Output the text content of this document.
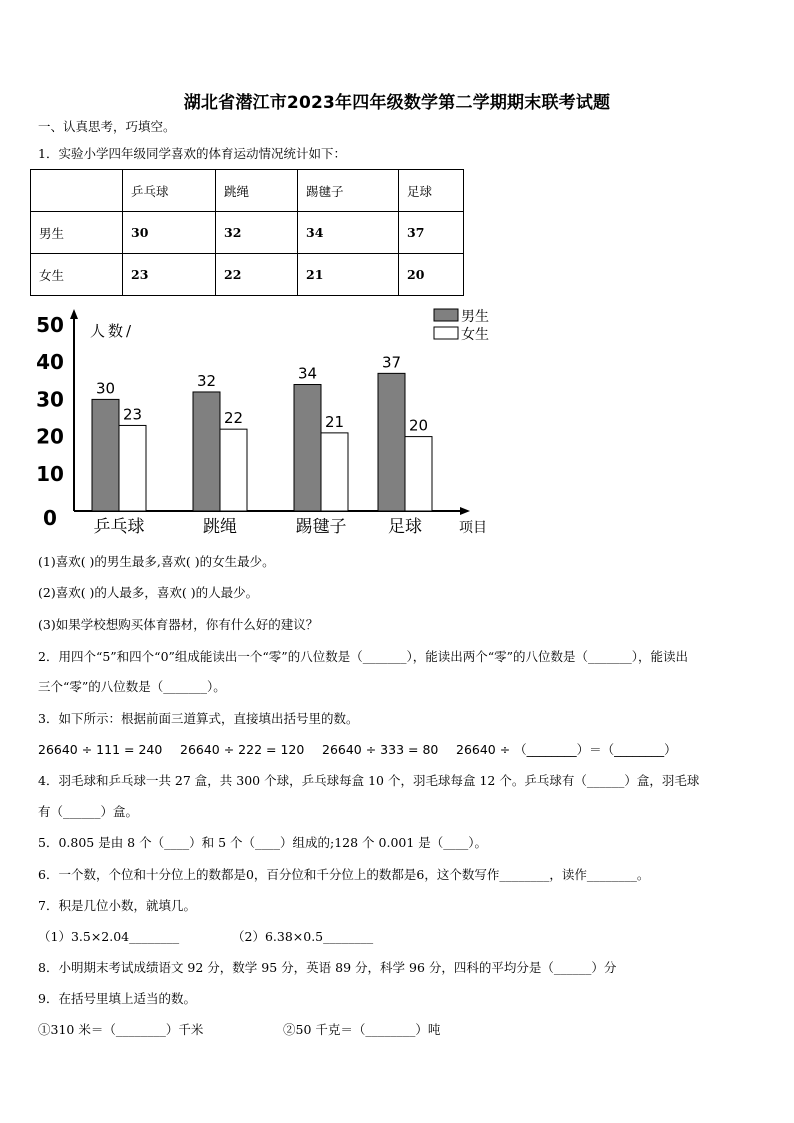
湖北省潜江市2023年四年级数学第二学期期末联考试题
一、认真思考，巧填空。
1．实验小学四年级同学喜欢的体育运动情况统计如下：
	乒乓球	跳绳	踢毽子	足球
男生	30	32	34	37
女生	23	22	21	20
0
10
20
30
40
50 人数/
30
23
乒乓球
32
22
跳绳
34
21
踢毽子
37
20
足球	项目
男生
女生
(1)喜欢( )的男生最多,喜欢( )的女生最少。
(2)喜欢( )的人最多，喜欢( )的人最少。
(3)如果学校想购买体育器材，你有什么好的建议？
2．用四个“5”和四个“0”组成能读出一个“零”的八位数是（_______），能读出两个“零”的八位数是（_______），能读出
三个“零”的八位数是（_______）。
3．如下所示：根据前面三道算式，直接填出括号里的数。
26640 ÷ 111 = 240 26640 ÷ 222 = 120 26640 ÷ 333 = 80 26640 ÷ （________）＝（________）
4．羽毛球和乒乓球一共 27 盒，共 300 个球，乒乓球每盒 10 个，羽毛球每盒 12 个。乒乓球有（______）盒，羽毛球
有（______）盒。
5．0.805 是由 8 个（____）和 5 个（____）组成的;128 个 0.001 是（____）。
6．一个数，个位和十分位上的数都是0，百分位和千分位上的数都是6，这个数写作________，读作________。
7．积是几位小数，就填几。
（1）3.5×2.04________	（2）6.38×0.5________
8．小明期末考试成绩语文 92 分，数学 95 分，英语 89 分，科学 96 分，四科的平均分是（______）分
9．在括号里填上适当的数。
①310 米＝（________）千米	②50 千克＝（________）吨
